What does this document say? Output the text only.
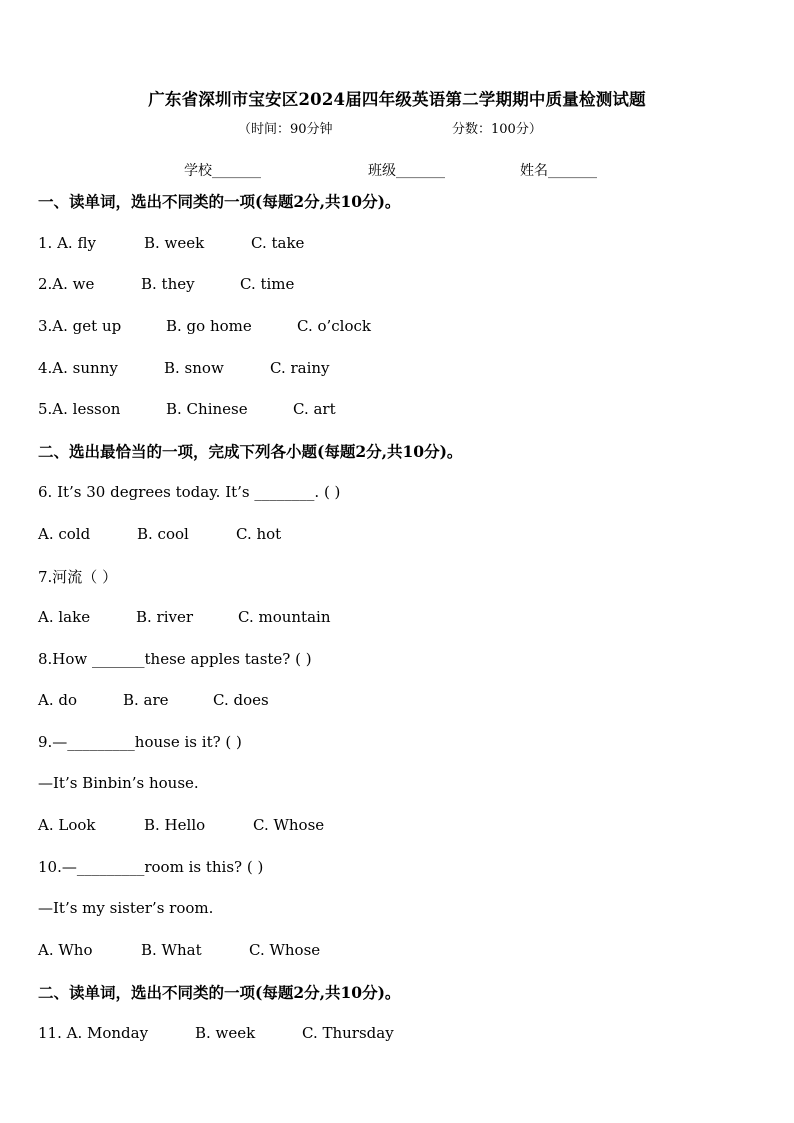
广东省深圳市宝安区2024届四年级英语第二学期期中质量检测试题
（时间：90分钟	分数：100分）
学校_______	班级_______	姓名_______
一、读单词，选出不同类的一项(每题2分,共10分)。
1. A. fly	B. week	C. take
2.A. we	B. they	C. time
3.A. get up	B. go home	C. o’clock
4.A. sunny	B. snow	C. rainy
5.A. lesson	B. Chinese	C. art
二、选出最恰当的一项，完成下列各小题(每题2分,共10分)。
6. It’s 30 degrees today. It’s ________. ( )
A. cold	B. cool	C. hot
7.河流（ ）
A. lake	B. river	C. mountain
8.How _______these apples taste? ( )
A. do	B. are	C. does
9.—_________house is it? ( )
—It’s Binbin’s house.
A. Look	B. Hello	C. Whose
10.—_________room is this? ( )
—It’s my sister’s room.
A. Who	B. What	C. Whose
二、读单词，选出不同类的一项(每题2分,共10分)。
11. A. Monday	B. week	C. Thursday
